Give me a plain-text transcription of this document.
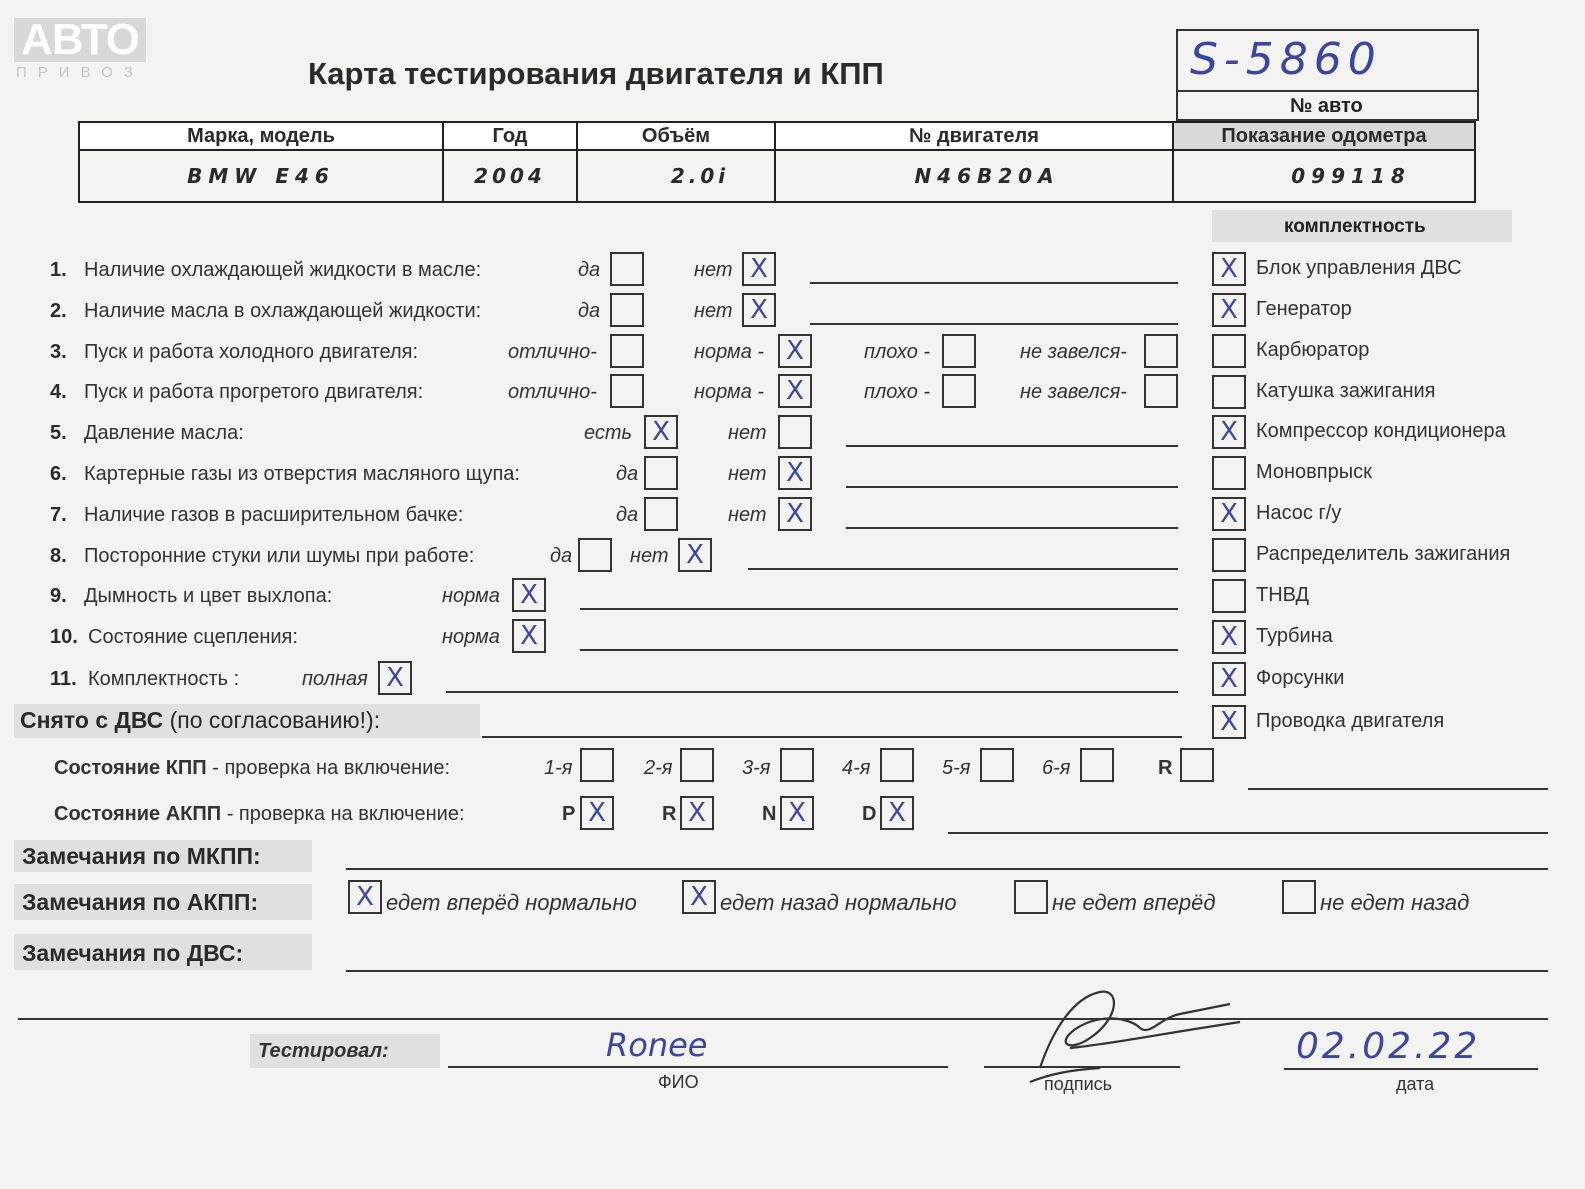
АВТО
ПРИВОЗ	Карта тестирования двигателя и КПП	S-5860
№ авто
Марка, модель	Год	Объём	№ двигателя	Показание одометра
BMW E46	2004	2.0i	N46B20A	099118
комплектность
X Блок управления ДВС
X Генератор
Карбюратор
Катушка зажигания
X Компрессор кондиционера
Моновпрыск
X Насос г/у
Распределитель зажигания
ТНВД
X Турбина
X Форсунки
X Проводка двигателя
1. Наличие охлаждающей жидкости в масле:	да	нет X
2. Наличие масла в охлаждающей жидкости:	да	нет X
3. Пуск и работа холодного двигателя:	отлично-	норма - X	плохо -	не завелся-
4. Пуск и работа прогретого двигателя:	отлично-	норма - X	плохо -	не завелся-
5. Давление масла:	есть X	нет
6. Картерные газы из отверстия масляного щупа:	да	нет X
7. Наличие газов в расширительном бачке:	да	нет X
8. Посторонние стуки или шумы при работе:	да	нет X
9. Дымность и цвет выхлопа:	норма X
10. Состояние сцепления:	норма X
11. Комплектность :	полная X
Снято с ДВС (по согласованию!):
Состояние КПП - проверка на включение:	1-я	2-я	3-я	4-я	5-я	6-я	R
Состояние АКПП - проверка на включение:	P X	R X	N X	D X
Замечания по МКПП:
Замечания по АКПП:	X едет вперёд нормально	X едет назад нормально	не едет вперёд	не едет назад
Замечания по ДВС:
Тестировал:	Ronee
ФИО	подпись
02.02.22
дата
